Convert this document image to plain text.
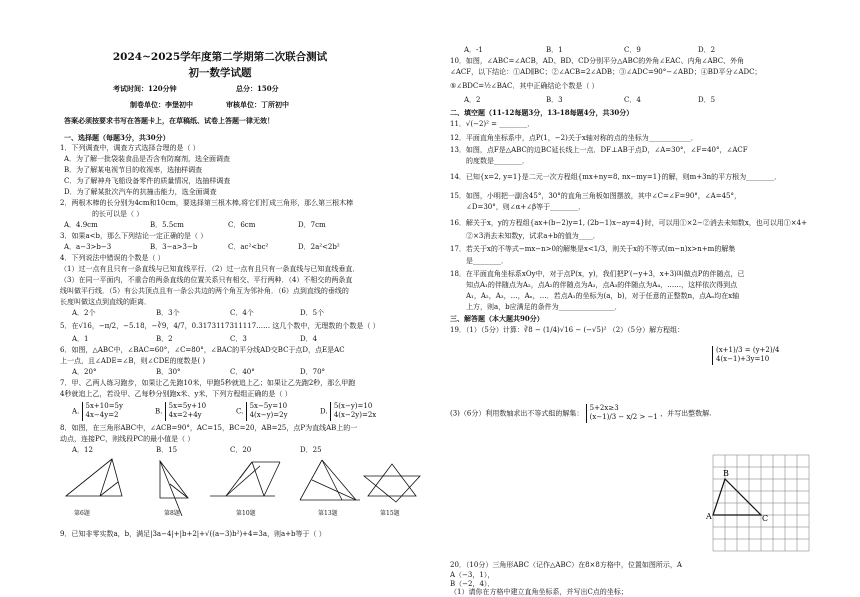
2024~2025学年度第二学期第二次联合测试
初一数学试题
考试时间：120分钟	总分：150分
制卷单位：李堡初中	审核单位：丁所初中
答案必须按要求书写在答题卡上，在草稿纸、试卷上答题一律无效！
一、选择题（每题3分，共30分）
1．下列调查中，调查方式选择合理的是（ ）
A．为了解一批袋装食品是否含有防腐剂，选全面调查
B．为了解某电视节目的收视率，选抽样调查
C．为了解神舟飞船设备零件的质量情况，选抽样调查
D．为了解某批次汽车的抗撞击能力，选全面调查
2．两根木棒的长分别为4cm和10cm，要选择第三根木棒,将它们钉成三角形，那么第三根木棒
的长可以是（ ）
A．4.9cm	B．5.5cm	C．6cm	D．7cm
3．如果a<b，那么下列结论一定正确的是（ ）
A．a−3>b−3	B．3−a>3−b	C．ac²<bc²	D．2a²<2b²
4．下列说法中错误的个数是（ ）
（1）过一点有且只有一条直线与已知直线平行．（2）过一点有且只有一条直线与已知直线垂直．
（3）在同一平面内，不重合的两条直线的位置关系只有相交、平行两种．（4）不相交的两条直
线叫做平行线．（5）有公共顶点且有一条公共边的两个角互为邻补角．（6）点到直线的垂线的
长度叫做这点到直线的距离．
A．2个	B．3个	C．4个	D．5个
5．在√16，−π/2，−5.18，−∛9，4/7，0.3173117311117…… 这几个数中，无理数的个数是（ ）
A．1	B．2	C．3	D．4
6．如图，△ABC中，∠BAC=60°，∠C=80°，∠BAC的平分线AD交BC于点D，点E是AC
上一点，且∠ADE=∠B，则∠CDE的度数是( )
A．20°	B．30°	C．40°	D．70°
7．甲、乙两人练习跑步，如果让乙先跑10米，甲跑5秒就追上乙；如果让乙先跑2秒，那么甲跑
4秒就追上乙，若设甲、乙每秒分别跑x米、y米，下列方程组正确的是（ ）
A.
5x+10=5y
4x−4y=2	B.
5x=5y+10
4x=2+4y	C.
5x−5y=10
4(x−y)=2y	D.
5(x−y)=10
4(x−2y)=2x
8．如图，在三角形ABC中，∠ACB=90°，AC=15，BC=20，AB=25，点P为直线AB上的一
动点，连接PC，则线段PC的最小值是（ ）
A．12	B．15	C．20	D．25
第6题	第8题	第10题	第13题	第15题
9．已知非零实数a，b，满足|3a−4|+|b+2|+√((a−3)b²)+4=3a，则a+b等于（ ）
A．-1	B．1	C．9	D．2
10．如图，∠ABC=∠ACB，AD、BD、CD分别平分△ABC的外角∠EAC、内角∠ABC、外角
∠ACF，以下结论：①AD∥BC；②∠ACB=2∠ADB；③∠ADC=90°−∠ABD；④BD平分∠ADC；
⑤∠BDC=½∠BAC．其中正确结论个数是（ ）
A．2	B．3	C．4	D．5
二、填空题（11-12每题3分，13-18每题4分，共30分）
11．√(−2)² = ________．
12．平面直角坐标系中，点P(1，−2)关于x轴对称的点的坐标为____________．
13．如图，点F是△ABC的边BC延长线上一点．DF⊥AB于点D，∠A=30°，∠F=40°，∠ACF
的度数是________．
14．已知{x=2, y=1}是二元一次方程组{mx+ny=8, nx−my=1}的解，则m+3n的平方根为________．
15．如图，小明把一副含45°，30°的直角三角板如图摆放，其中∠C=∠F=90°，∠A=45°，
∠D=30°，则∠α+∠β等于________．
16．解关于x，y的方程组{ax+(b−2)y=1, (2b−1)x−ay=4}时，可以用①×2−②消去未知数x，也可以用①×4+
②×3消去未知数y，试求a+b的值为____．
17．若关于x的不等式−mx−n>0的解集是x<1/3，则关于x的不等式(m−n)x>n+m的解集
是________．
18．在平面直角坐标系xOy中，对于点P(x，y)，我们把P′(−y+3，x+3)叫做点P的伴随点，已
知点A₁的伴随点为A₂，点A₂的伴随点为A₃，点A₃的伴随点为A₄，……，这样依次得到点
A₁，A₂，A₃，…，Aₙ，…．若点A₁的坐标为(a，b)，对于任意的正整数n，点Aₙ均在x轴
上方，则a，b应满足的条件为________________．
三、解答题（本大题共90分）
19．（1）（5分）计算：∛8 − (1/4)√16 − (−√5)² （2）（5分）解方程组：
(x+1)/3 = (y+2)/4
4(x−1)+3y=10
(3)（6分）利用数轴求出不等式组的解集：
5+2x≥3
(x−1)/3 − x/2 > −1 ，并写出整数解.
B
A	C
20．（10分）三角形ABC（记作△ABC）在8×8方格中，位置如图所示，A
A（−3，1），
B（−2，4）．
（1）请你在方格中建立直角坐标系，并写出C点的坐标；
